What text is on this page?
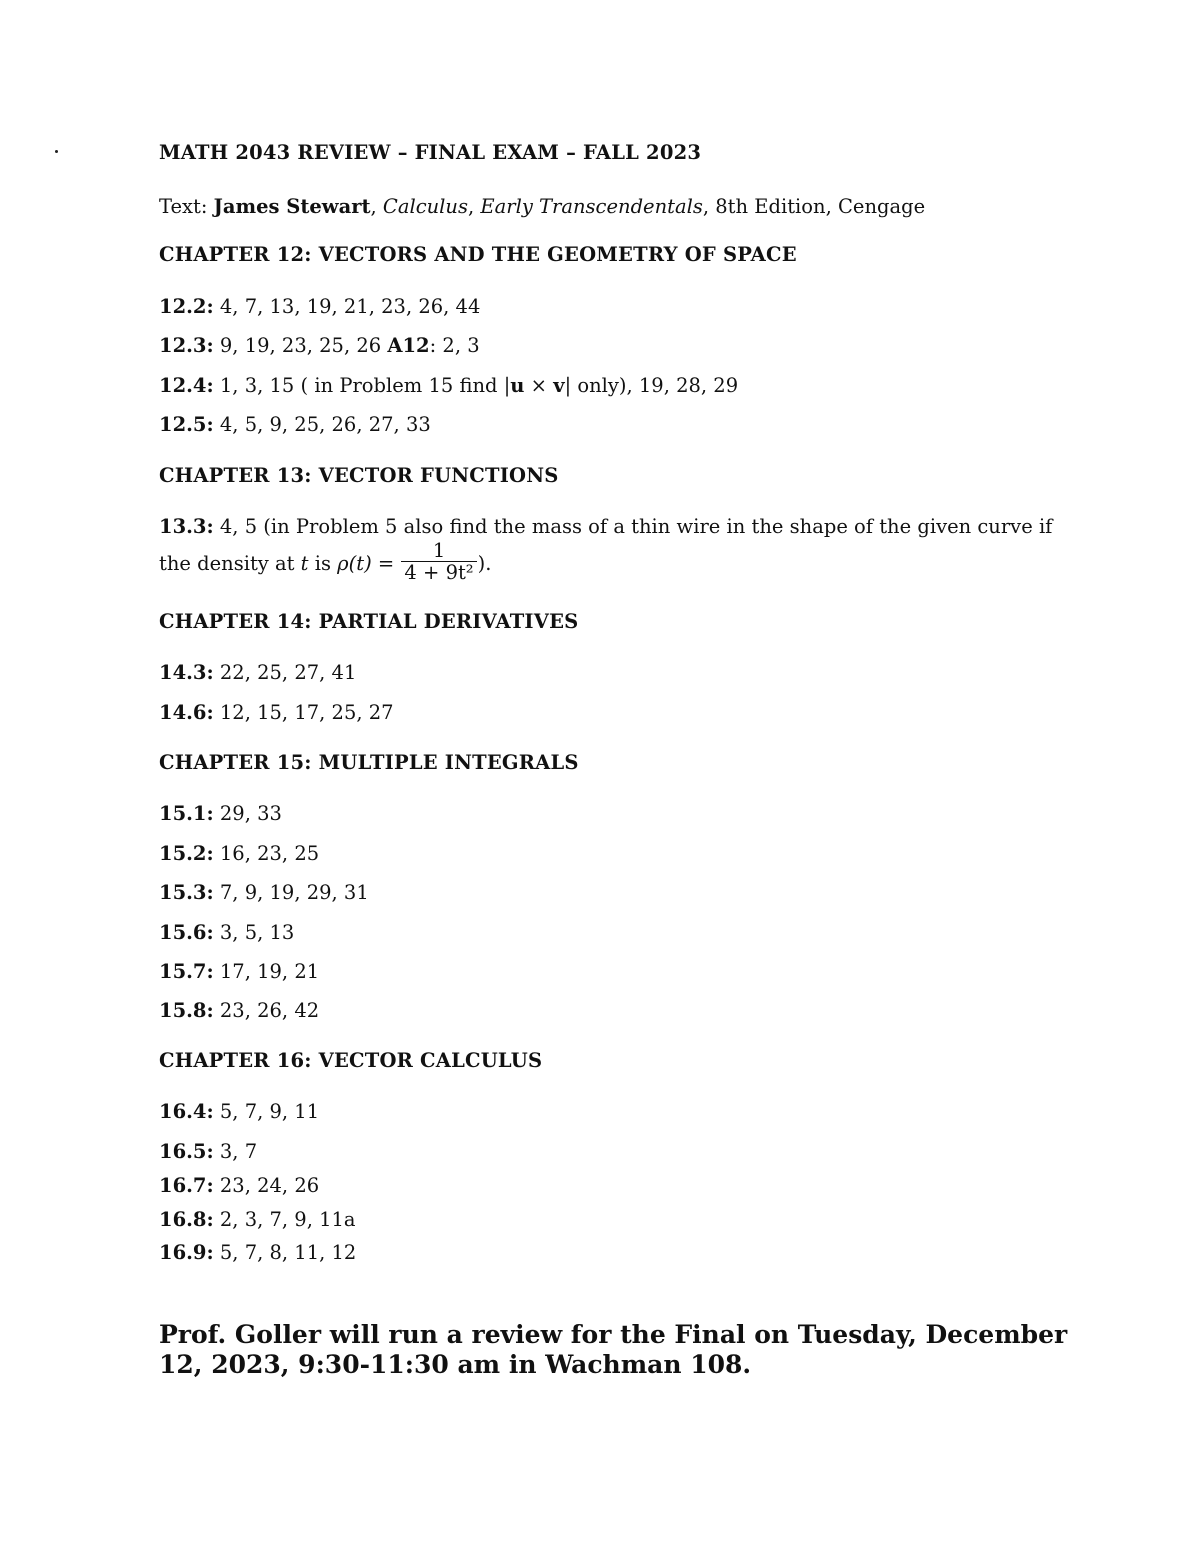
MATH 2043 REVIEW – FINAL EXAM – FALL 2023
Text: James Stewart, Calculus, Early Transcendentals, 8th Edition, Cengage
CHAPTER 12: VECTORS AND THE GEOMETRY OF SPACE
12.2: 4, 7, 13, 19, 21, 23, 26, 44
12.3: 9, 19, 23, 25, 26 A12: 2, 3
12.4: 1, 3, 15 ( in Problem 15 find |u × v| only), 19, 28, 29
12.5: 4, 5, 9, 25, 26, 27, 33
CHAPTER 13: VECTOR FUNCTIONS
13.3: 4, 5 (in Problem 5 also find the mass of a thin wire in the shape of the given curve if
the density at t is $\rho(t) = \frac{1}{\text{4 + 9t²}}$ ).
CHAPTER 14: PARTIAL DERIVATIVES
14.3: 22, 25, 27, 41
14.6: 12, 15, 17, 25, 27
CHAPTER 15: MULTIPLE INTEGRALS
15.1: 29, 33
15.2: 16, 23, 25
15.3: 7, 9, 19, 29, 31
15.6: 3, 5, 13
15.7: 17, 19, 21
15.8: 23, 26, 42
CHAPTER 16: VECTOR CALCULUS
16.4: 5, 7, 9, 11
16.5: 3, 7
16.7: 23, 24, 26
16.8: 2, 3, 7, 9, 11a
16.9: 5, 7, 8, 11, 12
Prof. Goller will run a review for the Final on Tuesday, December 12, 2023, 9:30-11:30 am in Wachman 108.
